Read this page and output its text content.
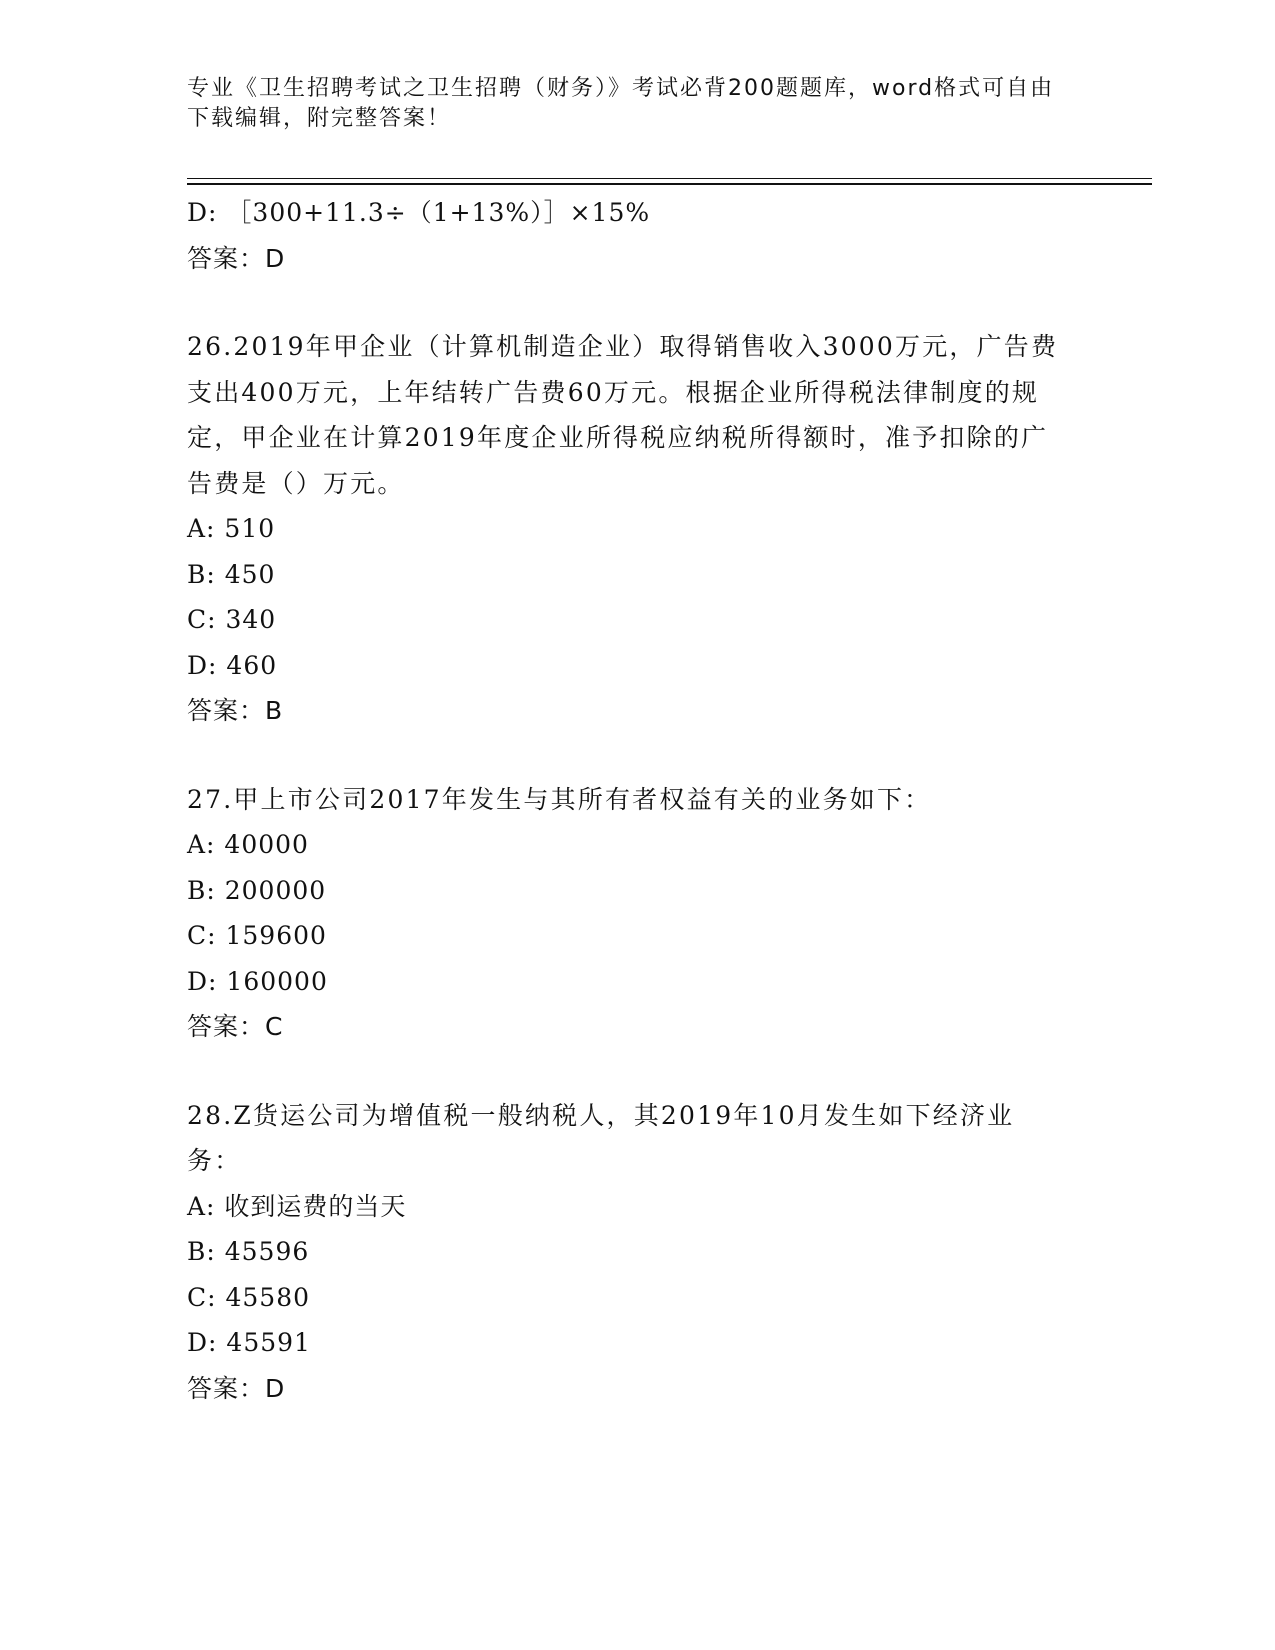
专业《卫生招聘考试之卫生招聘（财务）》考试必背200题题库，word格式可自由下载编辑，附完整答案！
D: ［300+11.3÷（1+13%）］×15%
答案：D
26.2019年甲企业（计算机制造企业）取得销售收入3000万元，广告费支出400万元，上年结转广告费60万元。根据企业所得税法律制度的规定，甲企业在计算2019年度企业所得税应纳税所得额时，准予扣除的广告费是（）万元。
A: 510
B: 450
C: 340
D: 460
答案：B
27.甲上市公司2017年发生与其所有者权益有关的业务如下：
A: 40000
B: 200000
C: 159600
D: 160000
答案：C
28.Z货运公司为增值税一般纳税人，其2019年10月发生如下经济业务：
A: 收到运费的当天
B: 45596
C: 45580
D: 45591
答案：D
